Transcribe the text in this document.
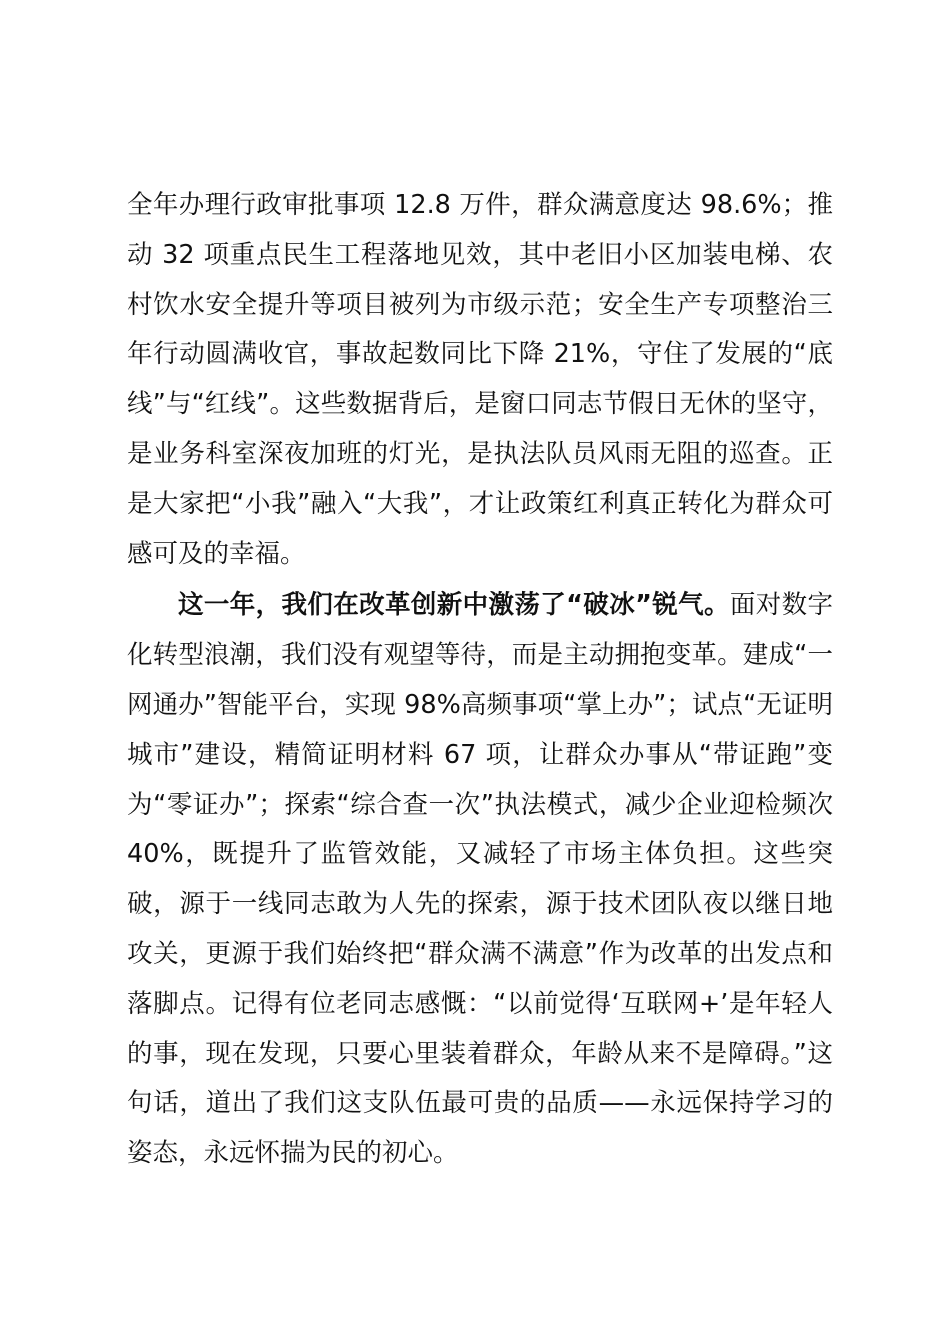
全年办理行政审批事项 12.8 万件，群众满意度达 98.6%；推动 32 项重点民生工程落地见效，其中老旧小区加装电梯、农村饮水安全提升等项目被列为市级示范；安全生产专项整治三年行动圆满收官，事故起数同比下降 21%，守住了发展的“底线”与“红线”。这些数据背后，是窗口同志节假日无休的坚守，是业务科室深夜加班的灯光，是执法队员风雨无阻的巡查。正是大家把“小我”融入“大我”，才让政策红利真正转化为群众可感可及的幸福。

这一年，我们在改革创新中激荡了“破冰”锐气。面对数字化转型浪潮，我们没有观望等待，而是主动拥抱变革。建成“一网通办”智能平台，实现 98%高频事项“掌上办”；试点“无证明城市”建设，精简证明材料 67 项，让群众办事从“带证跑”变为“零证办”；探索“综合查一次”执法模式，减少企业迎检频次 40%，既提升了监管效能，又减轻了市场主体负担。这些突破，源于一线同志敢为人先的探索，源于技术团队夜以继日地攻关，更源于我们始终把“群众满不满意”作为改革的出发点和落脚点。记得有位老同志感慨：“以前觉得‘互联网+’是年轻人的事，现在发现，只要心里装着群众，年龄从来不是障碍。”这句话，道出了我们这支队伍最可贵的品质——永远保持学习的姿态，永远怀揣为民的初心。
